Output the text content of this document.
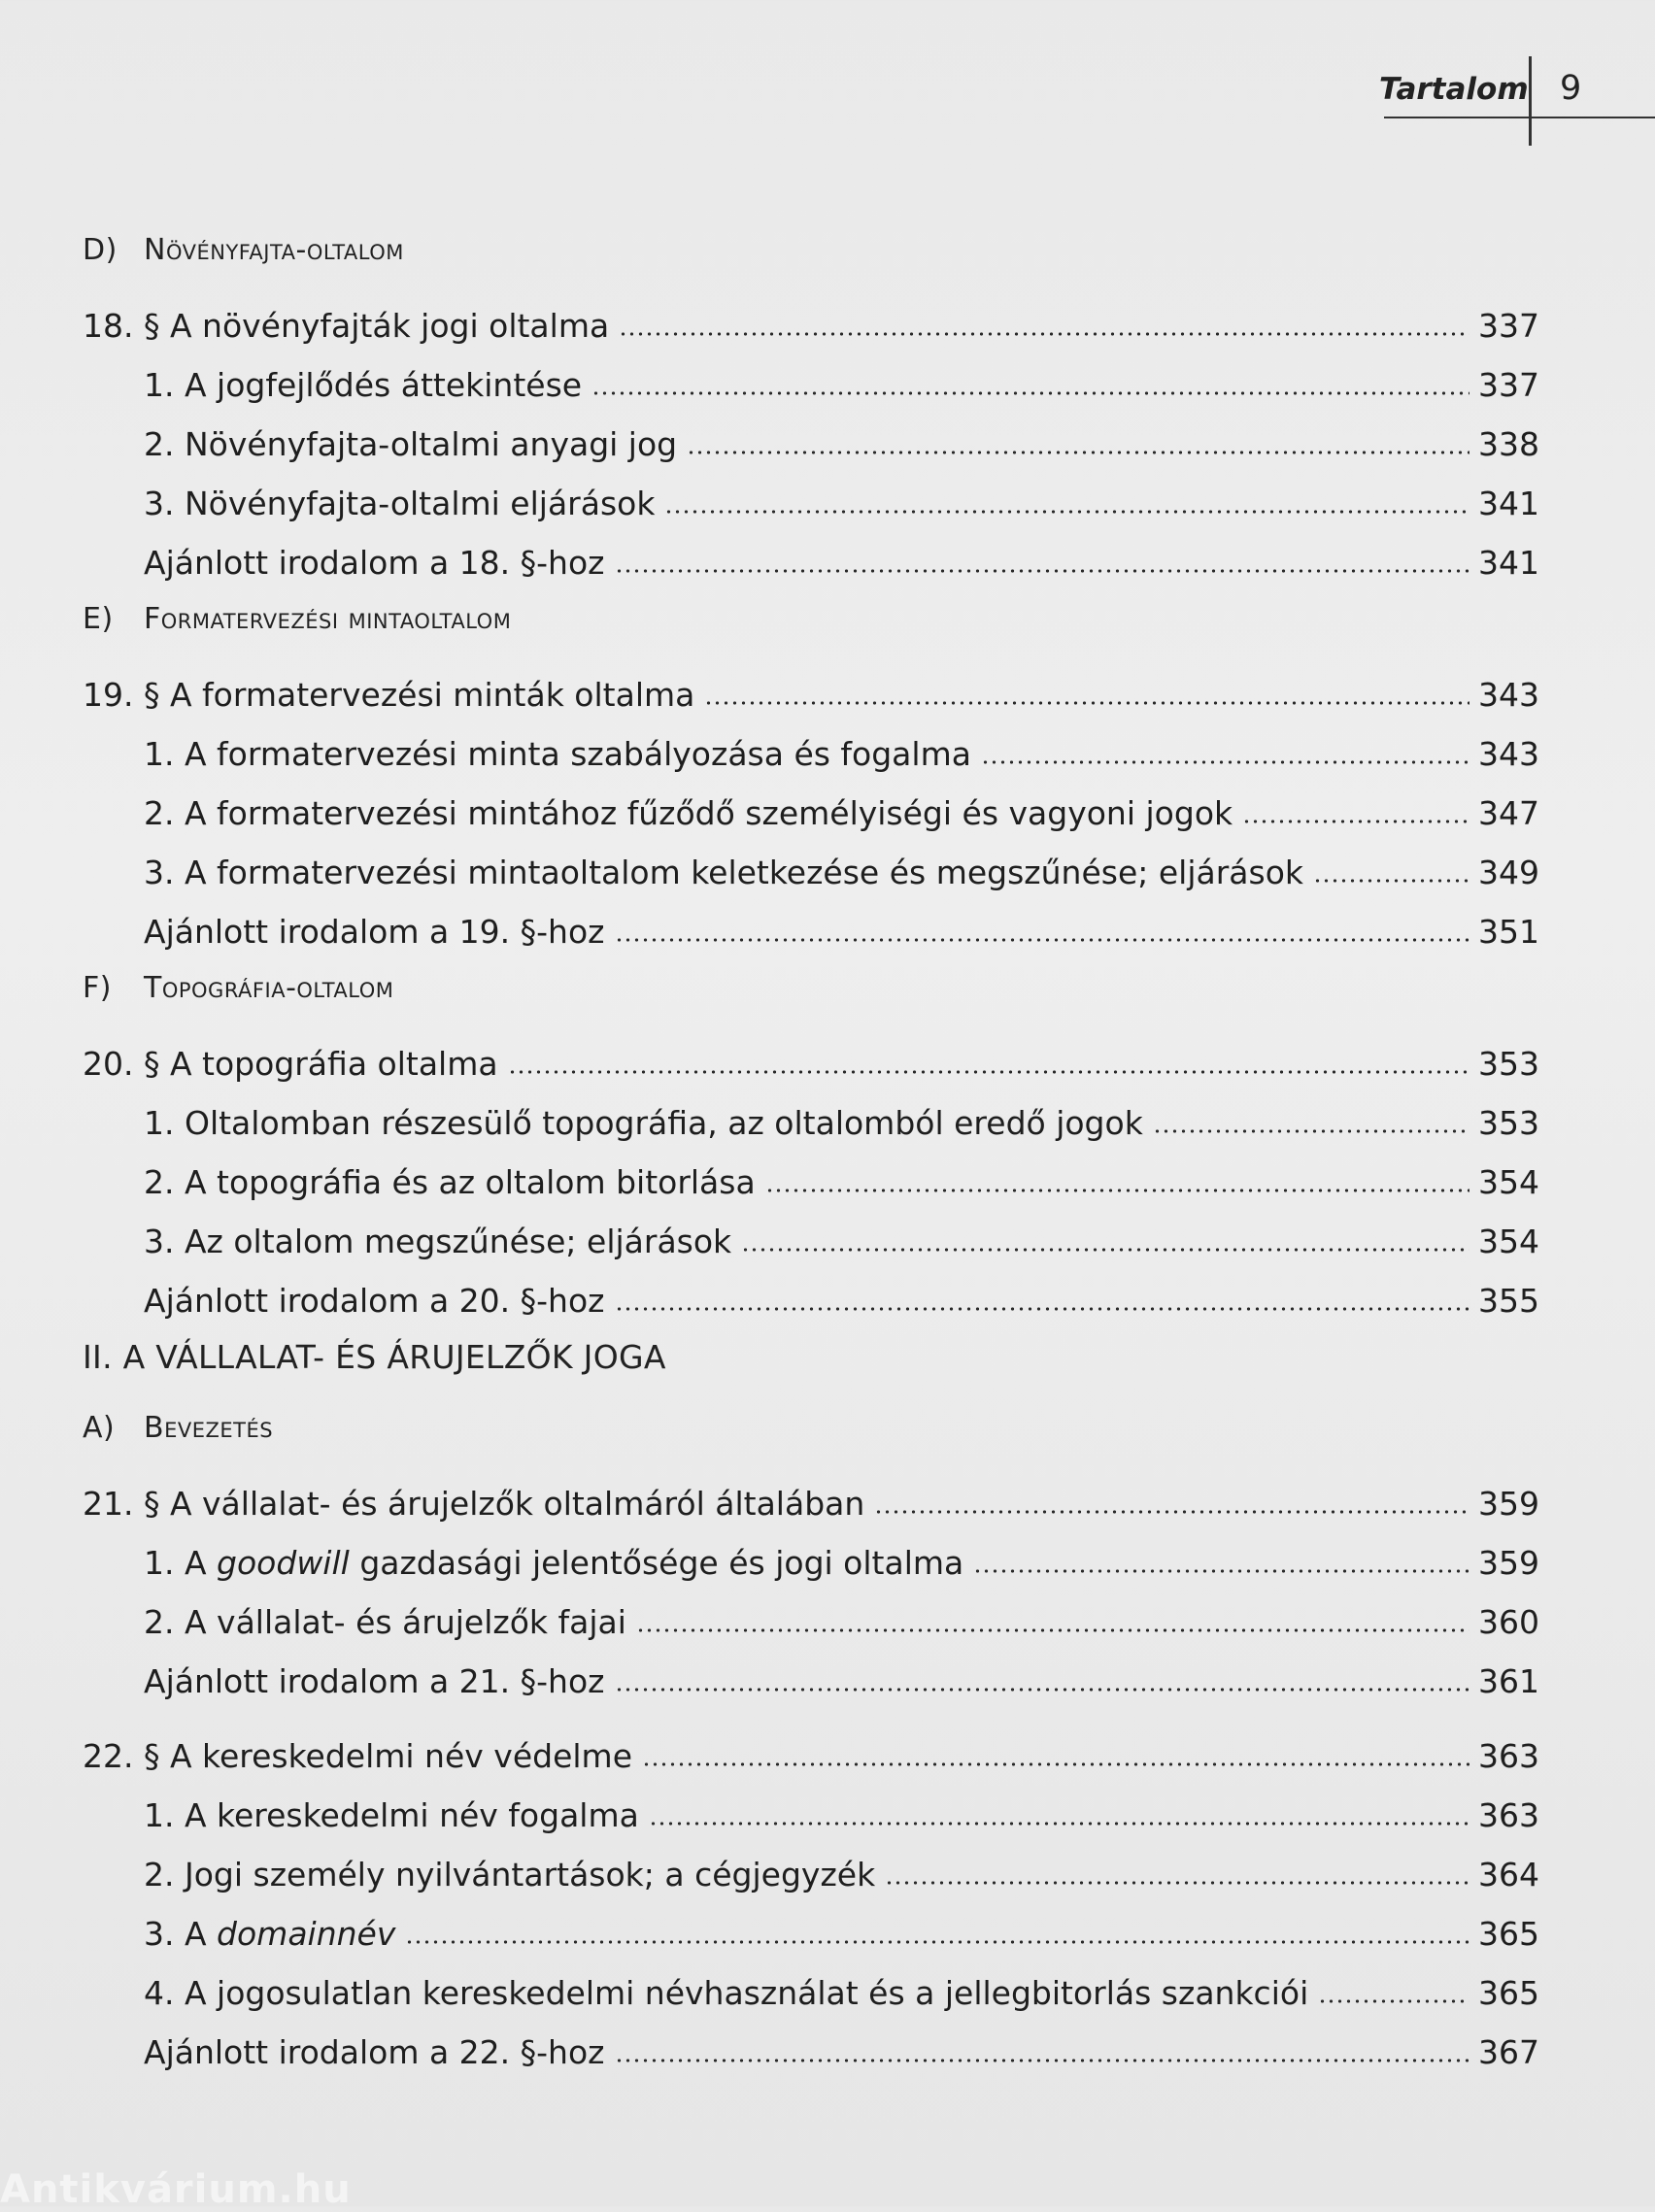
Tartalom 9
D) Növényfajta-oltalom
18. § A növényfajták jogi oltalma	337
1. A jogfejlődés áttekintése	337
2. Növényfajta-oltalmi anyagi jog	338
3. Növényfajta-oltalmi eljárások	341
Ajánlott irodalom a 18. §-hoz	341
E) Formatervezési mintaoltalom
19. § A formatervezési minták oltalma	343
1. A formatervezési minta szabályozása és fogalma	343
2. A formatervezési mintához fűződő személyiségi és vagyoni jogok	347
3. A formatervezési mintaoltalom keletkezése és megszűnése; eljárások	349
Ajánlott irodalom a 19. §-hoz	351
F) Topográfia-oltalom
20. § A topográfia oltalma	353
1. Oltalomban részesülő topográfia, az oltalomból eredő jogok	353
2. A topográfia és az oltalom bitorlása	354
3. Az oltalom megszűnése; eljárások	354
Ajánlott irodalom a 20. §-hoz	355
II. A VÁLLALAT- ÉS ÁRUJELZŐK JOGA
A) Bevezetés
21. § A vállalat- és árujelzők oltalmáról általában	359
1. A goodwill gazdasági jelentősége és jogi oltalma	359
2. A vállalat- és árujelzők fajai	360
Ajánlott irodalom a 21. §-hoz	361
22. § A kereskedelmi név védelme	363
1. A kereskedelmi név fogalma	363
2. Jogi személy nyilvántartások; a cégjegyzék	364
3. A domainnév	365
4. A jogosulatlan kereskedelmi névhasználat és a jellegbitorlás szankciói	365
Ajánlott irodalom a 22. §-hoz	367
Antikvárium.hu
